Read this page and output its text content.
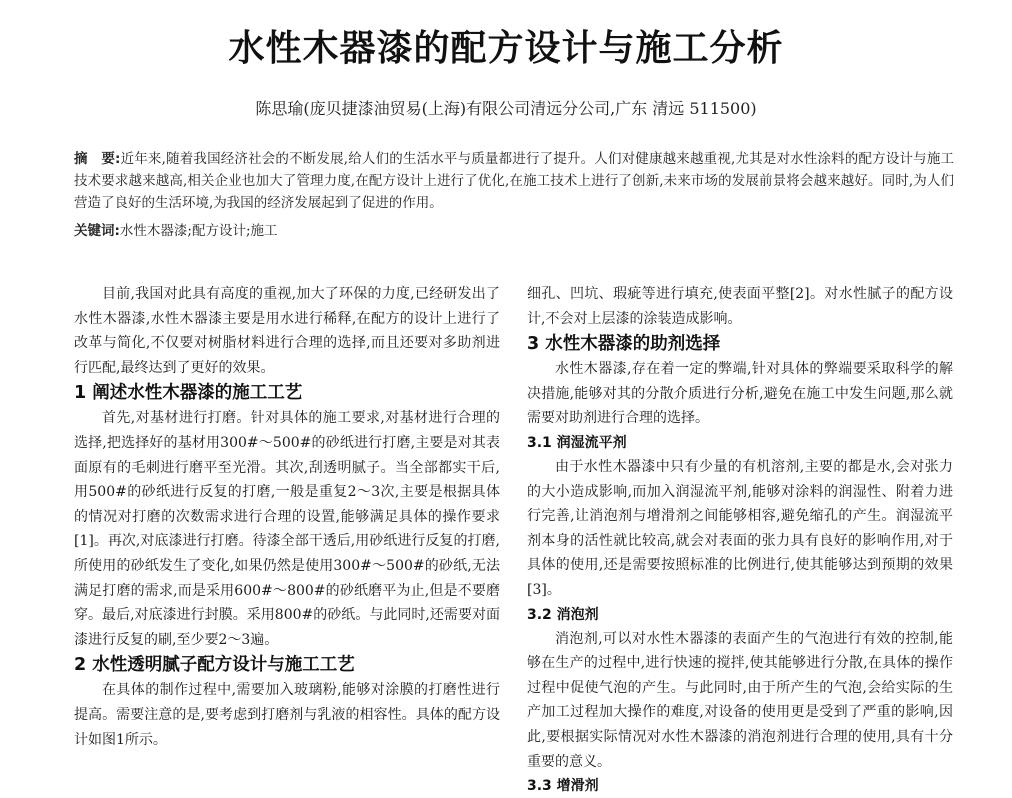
水性木器漆的配方设计与施工分析
陈思瑜(庞贝捷漆油贸易(上海)有限公司清远分公司,广东 清远 511500)
摘　要:近年来,随着我国经济社会的不断发展,给人们的生活水平与质量都进行了提升。人们对健康越来越重视,尤其是对水性涂料的配方设计与施工技术要求越来越高,相关企业也加大了管理力度,在配方设计上进行了优化,在施工技术上进行了创新,未来市场的发展前景将会越来越好。同时,为人们营造了良好的生活环境,为我国的经济发展起到了促进的作用。
关键词:水性木器漆;配方设计;施工

目前,我国对此具有高度的重视,加大了环保的力度,已经研发出了水性木器漆,水性木器漆主要是用水进行稀释,在配方的设计上进行了改革与简化,不仅要对树脂材料进行合理的选择,而且还要对多助剂进行匹配,最终达到了更好的效果。

1 阐述水性木器漆的施工工艺

首先,对基材进行打磨。针对具体的施工要求,对基材进行合理的选择,把选择好的基材用300#～500#的砂纸进行打磨,主要是对其表面原有的毛刺进行磨平至光滑。其次,刮透明腻子。当全部都实干后,用500#的砂纸进行反复的打磨,一般是重复2～3次,主要是根据具体的情况对打磨的次数需求进行合理的设置,能够满足具体的操作要求[1]。再次,对底漆进行打磨。待漆全部干透后,用砂纸进行反复的打磨,所使用的砂纸发生了变化,如果仍然是使用300#～500#的砂纸,无法满足打磨的需求,而是采用600#～800#的砂纸磨平为止,但是不要磨穿。最后,对底漆进行封膜。采用800#的砂纸。与此同时,还需要对面漆进行反复的刷,至少要2～3遍。

2 水性透明腻子配方设计与施工工艺

在具体的制作过程中,需要加入玻璃粉,能够对涂膜的打磨性进行提高。需要注意的是,要考虑到打磨剂与乳液的相容性。具体的配方设计如图1所示。

细孔、凹坑、瑕疵等进行填充,使表面平整[2]。对水性腻子的配方设计,不会对上层漆的涂装造成影响。

3 水性木器漆的助剂选择

水性木器漆,存在着一定的弊端,针对具体的弊端要采取科学的解决措施,能够对其的分散介质进行分析,避免在施工中发生问题,那么就需要对助剂进行合理的选择。

3.1 润湿流平剂

由于水性木器漆中只有少量的有机溶剂,主要的都是水,会对张力的大小造成影响,而加入润湿流平剂,能够对涂料的润湿性、附着力进行完善,让消泡剂与增滑剂之间能够相容,避免缩孔的产生。润湿流平剂本身的活性就比较高,就会对表面的张力具有良好的影响作用,对于具体的使用,还是需要按照标准的比例进行,使其能够达到预期的效果[3]。

3.2 消泡剂

消泡剂,可以对水性木器漆的表面产生的气泡进行有效的控制,能够在生产的过程中,进行快速的搅拌,使其能够进行分散,在具体的操作过程中促使气泡的产生。与此同时,由于所产生的气泡,会给实际的生产加工过程加大操作的难度,对设备的使用更是受到了严重的影响,因此,要根据实际情况对水性木器漆的消泡剂进行合理的使用,具有十分重要的意义。

3.3 增滑剂
